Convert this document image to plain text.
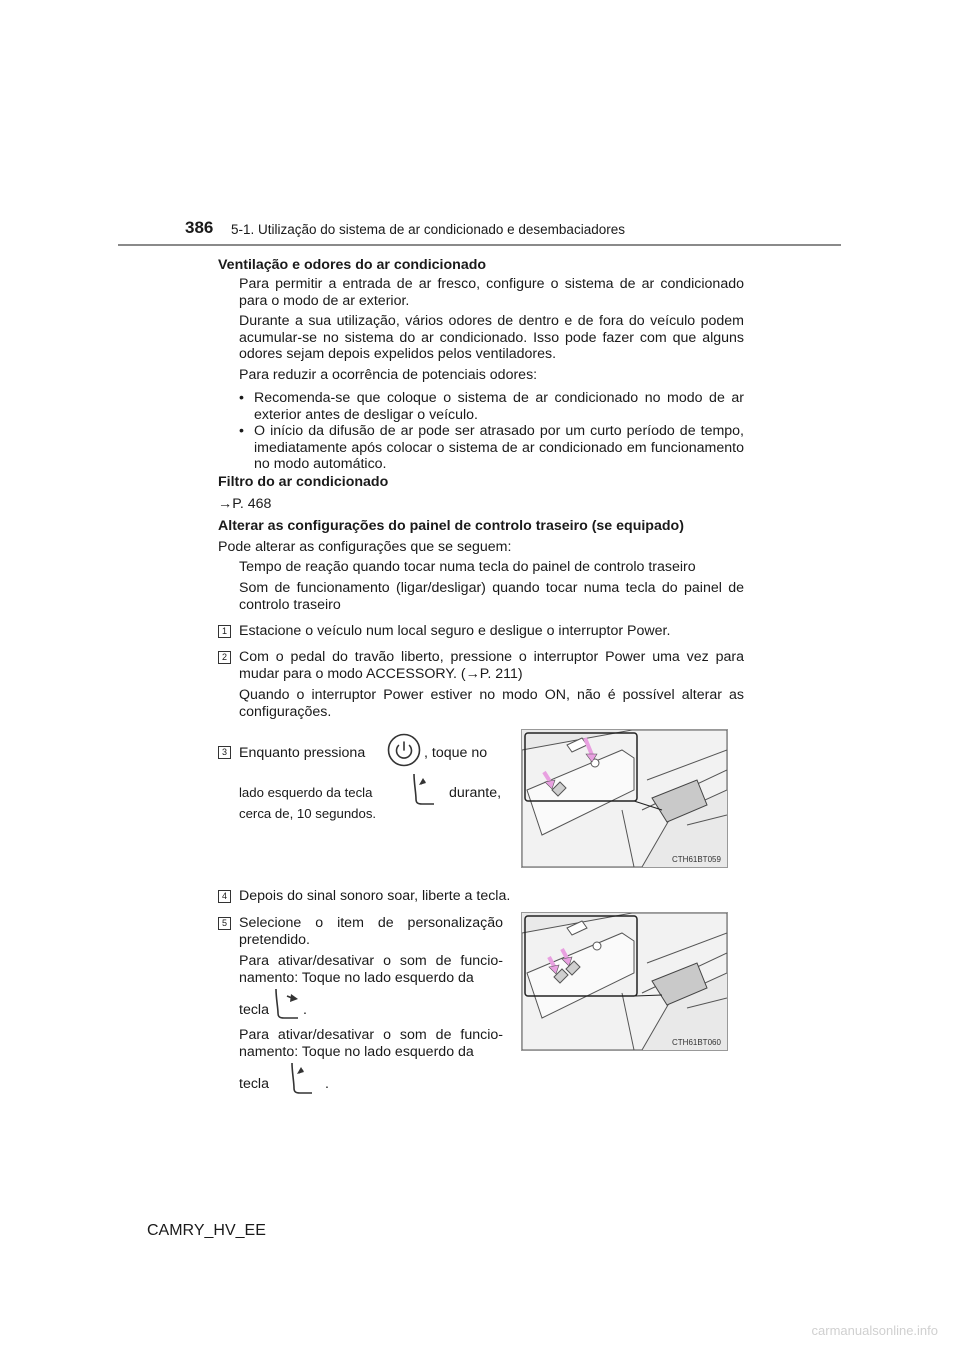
386 5-1. Utilização do sistema de ar condicionado e desembaciadores
Ventilação e odores do ar condicionado
Para permitir a entrada de ar fresco, configure o sistema de ar condicionado para o modo de ar exterior.
Durante a sua utilização, vários odores de dentro e de fora do veículo podem acumular-se no sistema do ar condicionado. Isso pode fazer com que alguns odores sejam depois expelidos pelos ventiladores.
Para reduzir a ocorrência de potenciais odores:
• Recomenda-se que coloque o sistema de ar condicionado no modo de ar exterior antes de desligar o veículo.
• O início da difusão de ar pode ser atrasado por um curto período de tempo, imediatamente após colocar o sistema de ar condicionado em funcionamento no modo automático.
Filtro do ar condicionado
→P. 468
Alterar as configurações do painel de controlo traseiro (se equipado)
Pode alterar as configurações que se seguem:
Tempo de reação quando tocar numa tecla do painel de controlo traseiro
Som de funcionamento (ligar/desligar) quando tocar numa tecla do painel de controlo traseiro
1 Estacione o veículo num local seguro e desligue o interruptor Power.
2 Com o pedal do travão liberto, pressione o interruptor Power uma vez para mudar para o modo ACCESSORY. (→P. 211)
Quando o interruptor Power estiver no modo ON, não é possível alterar as configurações.
3 Enquanto pressiona	, toque no
lado esquerdo da tecla	durante,
cerca de, 10 segundos.
CTH61BT059
4 Depois do sinal sonoro soar, liberte a tecla.
5 Selecione o item de personalização pretendido.
Para ativar/desativar o som de funcio-namento: Toque no lado esquerdo da
tecla .
Para ativar/desativar o som de funcio-namento: Toque no lado esquerdo da
tecla	.
CTH61BT060
CAMRY_HV_EE
carmanualsonline.info
